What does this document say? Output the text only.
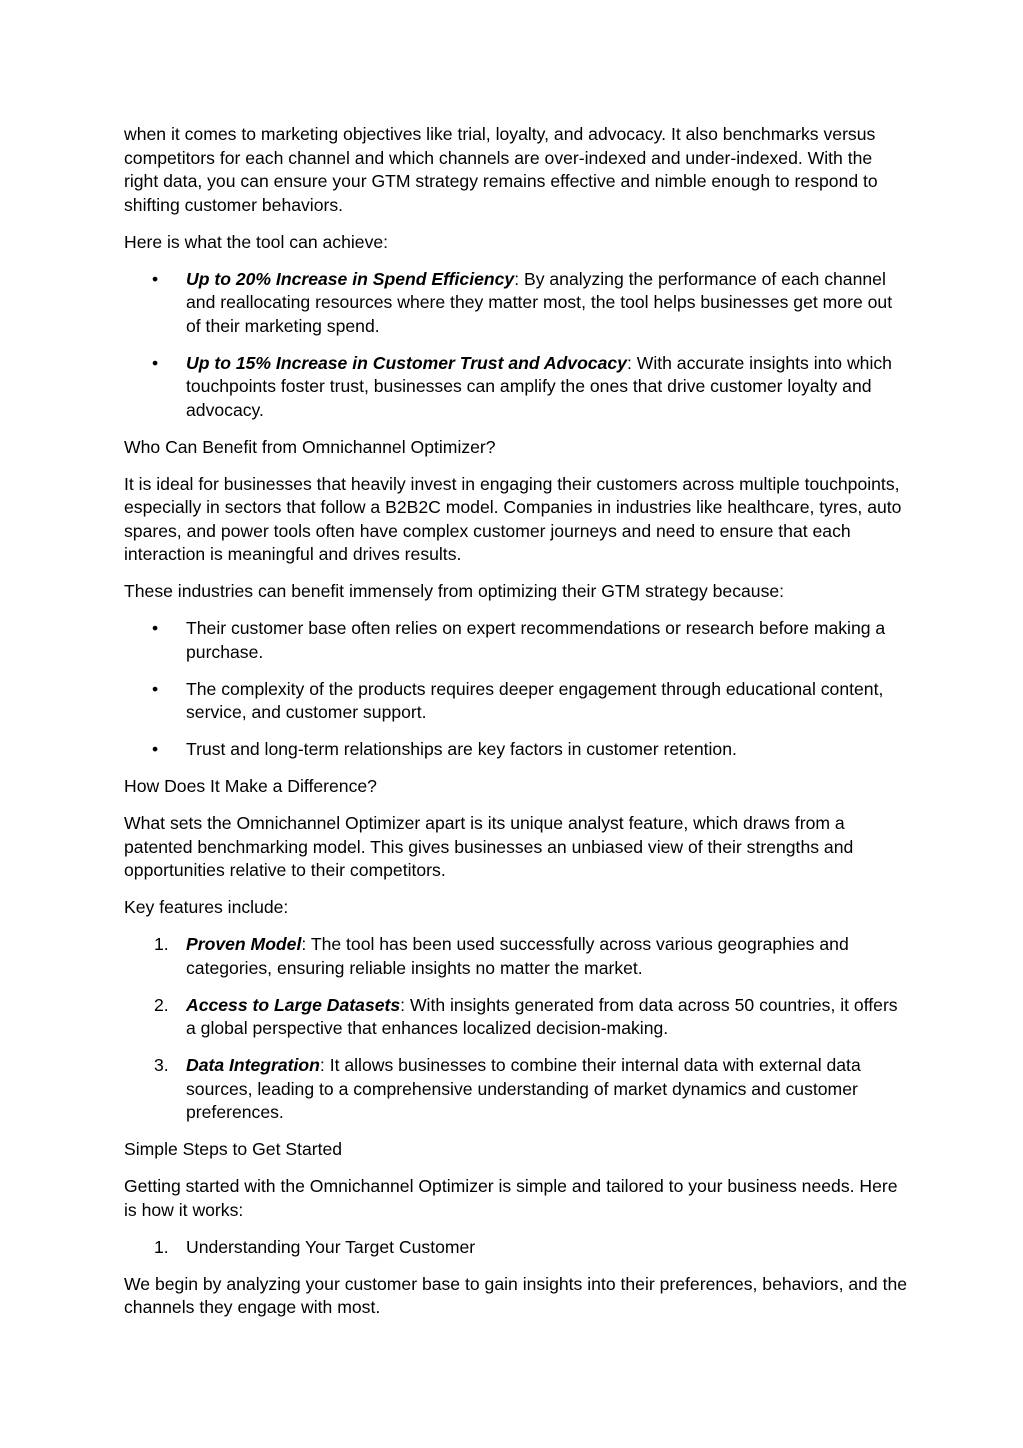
when it comes to marketing objectives like trial, loyalty, and advocacy. It also benchmarks versus competitors for each channel and which channels are over-indexed and under-indexed. With the right data, you can ensure your GTM strategy remains effective and nimble enough to respond to shifting customer behaviors.

Here is what the tool can achieve:

•	Up to 20% Increase in Spend Efficiency: By analyzing the performance of each channel and reallocating resources where they matter most, the tool helps businesses get more out of their marketing spend.
•	Up to 15% Increase in Customer Trust and Advocacy: With accurate insights into which touchpoints foster trust, businesses can amplify the ones that drive customer loyalty and advocacy.

Who Can Benefit from Omnichannel Optimizer?

It is ideal for businesses that heavily invest in engaging their customers across multiple touchpoints, especially in sectors that follow a B2B2C model. Companies in industries like healthcare, tyres, auto spares, and power tools often have complex customer journeys and need to ensure that each interaction is meaningful and drives results.

These industries can benefit immensely from optimizing their GTM strategy because:

•	Their customer base often relies on expert recommendations or research before making a purchase.
•	The complexity of the products requires deeper engagement through educational content, service, and customer support.
•	Trust and long-term relationships are key factors in customer retention.

How Does It Make a Difference?

What sets the Omnichannel Optimizer apart is its unique analyst feature, which draws from a patented benchmarking model. This gives businesses an unbiased view of their strengths and opportunities relative to their competitors.

Key features include:

1. Proven Model: The tool has been used successfully across various geographies and categories, ensuring reliable insights no matter the market.
2. Access to Large Datasets: With insights generated from data across 50 countries, it offers a global perspective that enhances localized decision-making.
3. Data Integration: It allows businesses to combine their internal data with external data sources, leading to a comprehensive understanding of market dynamics and customer preferences.

Simple Steps to Get Started

Getting started with the Omnichannel Optimizer is simple and tailored to your business needs. Here is how it works:

1. Understanding Your Target Customer

We begin by analyzing your customer base to gain insights into their preferences, behaviors, and the channels they engage with most.
